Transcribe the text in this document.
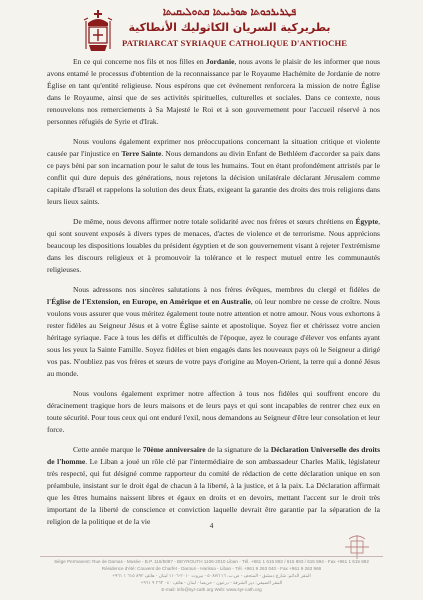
ܦܛܪܝܪܟܘܬܐ ܣܘܪܝܝܬܐ ܩܬܘܠܝܩܝܬܐ
بطريركية السريان الكاثوليك الأنطاكية
PATRIARCAT SYRIAQUE CATHOLIQUE D'ANTIOCHE

En ce qui concerne nos fils et nos filles en Jordanie, nous avons le plaisir de les informer que nous avons entamé le processus d'obtention de la reconnaissance par le Royaume Hachémite de Jordanie de notre Église en tant qu'entité religieuse. Nous espérons que cet événement renforcera la mission de notre Église dans le Royaume, ainsi que de ses activités spirituelles, culturelles et sociales. Dans ce contexte, nous renouvelons nos remerciements à Sa Majesté le Roi et à son gouvernement pour l'accueil réservé à nos personnes réfugiés de Syrie et d'Irak.

Nous voulons également exprimer nos préoccupations concernant la situation critique et violente causée par l'injustice en Terre Sainte. Nous demandons au divin Enfant de Bethléem d'accorder sa paix dans ce pays béni par son incarnation pour le salut de tous les humains. Tout en étant profondément attristés par le conflit qui dure depuis des générations, nous rejetons la décision unilatérale déclarant Jérusalem comme capitale d'Israël et rappelons la solution des deux États, exigeant la garantie des droits des trois religions dans leurs lieux saints.

De même, nous devons affirmer notre totale solidarité avec nos frères et sœurs chrétiens en Égypte, qui sont souvent exposés à divers types de menaces, d'actes de violence et de terrorisme. Nous apprécions beaucoup les dispositions louables du président égyptien et de son gouvernement visant à rejeter l'extrémisme dans les discours religieux et à promouvoir la tolérance et le respect mutuel entre les communautés religieuses.

Nous adressons nos sincères salutations à nos frères évêques, membres du clergé et fidèles de l'Église de l'Extension, en Europe, en Amérique et en Australie, où leur nombre ne cesse de croître. Nous voulons vous assurer que vous méritez également toute notre attention et notre amour. Nous vous exhortons à rester fidèles au Seigneur Jésus et à votre Église sainte et apostolique. Soyez fier et chérissez votre ancien héritage syriaque. Face à tous les défis et difficultés de l'époque, ayez le courage d'élever vos enfants ayant sous les yeux la Sainte Famille. Soyez fidèles et bien engagés dans les nouveaux pays où le Seigneur a dirigé vos pas. N'oubliez pas vos frères et sœurs de votre pays d'origine au Moyen-Orient, la terre qui a donné Jésus au monde.

Nous voulons également exprimer notre affection à tous nos fidèles qui souffrent encore du déracinement tragique hors de leurs maisons et de leurs pays et qui sont incapables de rentrer chez eux en toute sécurité. Pour tous ceux qui ont enduré l'exil, nous demandons au Seigneur d'être leur consolation et leur force.

Cette année marque le 70ème anniversaire de la signature de la Déclaration Universelle des droits de l'homme. Le Liban a joué un rôle clé par l'intermédiaire de son ambassadeur Charles Malik, législateur très respecté, qui fut désigné comme rapporteur du comité de rédaction de cette déclaration unique en son préambule, insistant sur le droit égal de chacun à la liberté, à la justice, et à la paix. La Déclaration affirmait que les êtres humains naissent libres et égaux en droits et en devoirs, mettant l'accent sur le droit très important de la liberté de conscience et conviction laquelle devrait être garantie par la séparation de la religion de la politique et de la vie	4
Siège Permanent: Rue de Damas - Musée - B.P. 116/5087 - BEYROUTH 1106-2010 Liban - Tél. +961 1 615 892 / 615 893 / 615 894 - Fax +961 1 615 892
Résidence d'été: Couvent de Charfet - Daroun - Harissa - Liban - Tél. +961 9 263 040 - Fax +961 9 263 966
المقر الدائم: شارع دمشق - المتحف - ص.ب. ٥٠٨٧/١١٦ - بيروت ٢٠١٠-١١٠٦ لبنان - هاتف ٨٩٢ ٦١٥ ١ ٩٦١+
المقر الصيفي: دير الشرفة - درعون - حريصا - لبنان - هاتف ٠٤٠ ٢٦٣ ٩ ٩٦١+
E-mail: info@syr-cath.org Web: www.syr-cath.org
